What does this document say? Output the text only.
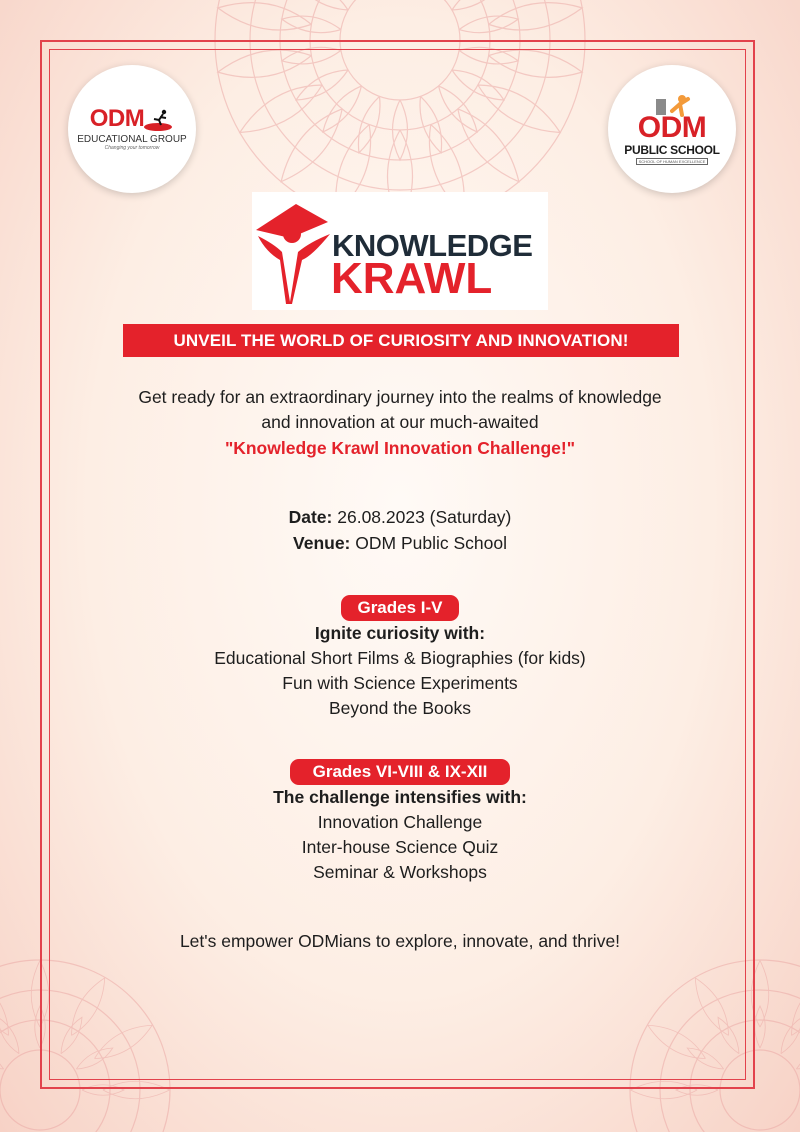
ODM
EDUCATIONAL GROUP
Changing your tomorrow
ODM
PUBLIC SCHOOL
SCHOOL OF HUMAN EXCELLENCE
KNOWLEDGE
KRAWL
UNVEIL THE WORLD OF CURIOSITY AND INNOVATION!
Get ready for an extraordinary journey into the realms of knowledge
and innovation at our much-awaited
"Knowledge Krawl Innovation Challenge!"
Date: 26.08.2023 (Saturday)
Venue: ODM Public School
Grades I-V
Ignite curiosity with:
Educational Short Films & Biographies (for kids)
Fun with Science Experiments
Beyond the Books
Grades VI-VIII & IX-XII
The challenge intensifies with:
Innovation Challenge
Inter-house Science Quiz
Seminar & Workshops
Let's empower ODMians to explore, innovate, and thrive!
